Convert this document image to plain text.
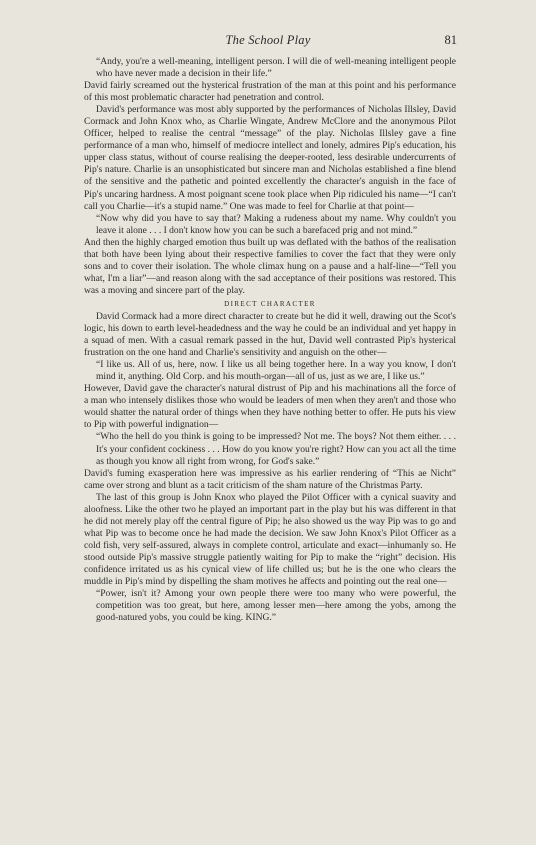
The School Play	81

“Andy, you're a well-meaning, intelligent person. I will die of well-meaning intelligent people who have never made a decision in their life.”

David fairly screamed out the hysterical frustration of the man at this point and his performance of this most problematic character had penetration and control.

David's performance was most ably supported by the performances of Nicholas Illsley, David Cormack and John Knox who, as Charlie Wingate, Andrew McClore and the anonymous Pilot Officer, helped to realise the central “message” of the play. Nicholas Illsley gave a fine performance of a man who, himself of mediocre intellect and lonely, admires Pip's education, his upper class status, without of course realising the deeper-rooted, less desirable undercurrents of Pip's nature. Charlie is an unsophisticated but sincere man and Nicholas established a fine blend of the sensitive and the pathetic and pointed excellently the character's anguish in the face of Pip's uncaring hardness. A most poignant scene took place when Pip ridiculed his name—“I can't call you Charlie—it's a stupid name.” One was made to feel for Charlie at that point—

“Now why did you have to say that? Making a rudeness about my name. Why couldn't you leave it alone . . . I don't know how you can be such a barefaced prig and not mind.”

And then the highly charged emotion thus built up was deflated with the bathos of the realisation that both have been lying about their respective families to cover the fact that they were only sons and to cover their isolation. The whole climax hung on a pause and a half-line—“Tell you what, I'm a liar”—and reason along with the sad acceptance of their positions was restored. This was a moving and sincere part of the play.

DIRECT CHARACTER

David Cormack had a more direct character to create but he did it well, drawing out the Scot's logic, his down to earth level-headedness and the way he could be an individual and yet happy in a squad of men. With a casual remark passed in the hut, David well contrasted Pip's hysterical frustration on the one hand and Charlie's sensitivity and anguish on the other—

“I like us. All of us, here, now. I like us all being together here. In a way you know, I don't mind it, anything. Old Corp. and his mouth-organ—all of us, just as we are, I like us.”

However, David gave the character's natural distrust of Pip and his machinations all the force of a man who intensely dislikes those who would be leaders of men when they aren't and those who would shatter the natural order of things when they have nothing better to offer. He puts his view to Pip with powerful indignation—

“Who the hell do you think is going to be impressed? Not me. The boys? Not them either. . . . It's your confident cockiness . . . How do you know you're right? How can you act all the time as though you know all right from wrong, for God's sake.”

David's fuming exasperation here was impressive as his earlier rendering of “This ae Nicht” came over strong and blunt as a tacit criticism of the sham nature of the Christmas Party.

The last of this group is John Knox who played the Pilot Officer with a cynical suavity and aloofness. Like the other two he played an important part in the play but his was different in that he did not merely play off the central figure of Pip; he also showed us the way Pip was to go and what Pip was to become once he had made the decision. We saw John Knox's Pilot Officer as a cold fish, very self-assured, always in complete control, articulate and exact—inhumanly so. He stood outside Pip's massive struggle patiently waiting for Pip to make the “right” decision. His confidence irritated us as his cynical view of life chilled us; but he is the one who clears the muddle in Pip's mind by dispelling the sham motives he affects and pointing out the real one—

“Power, isn't it? Among your own people there were too many who were powerful, the competition was too great, but here, among lesser men—here among the yobs, among the good-natured yobs, you could be king. KING.”
